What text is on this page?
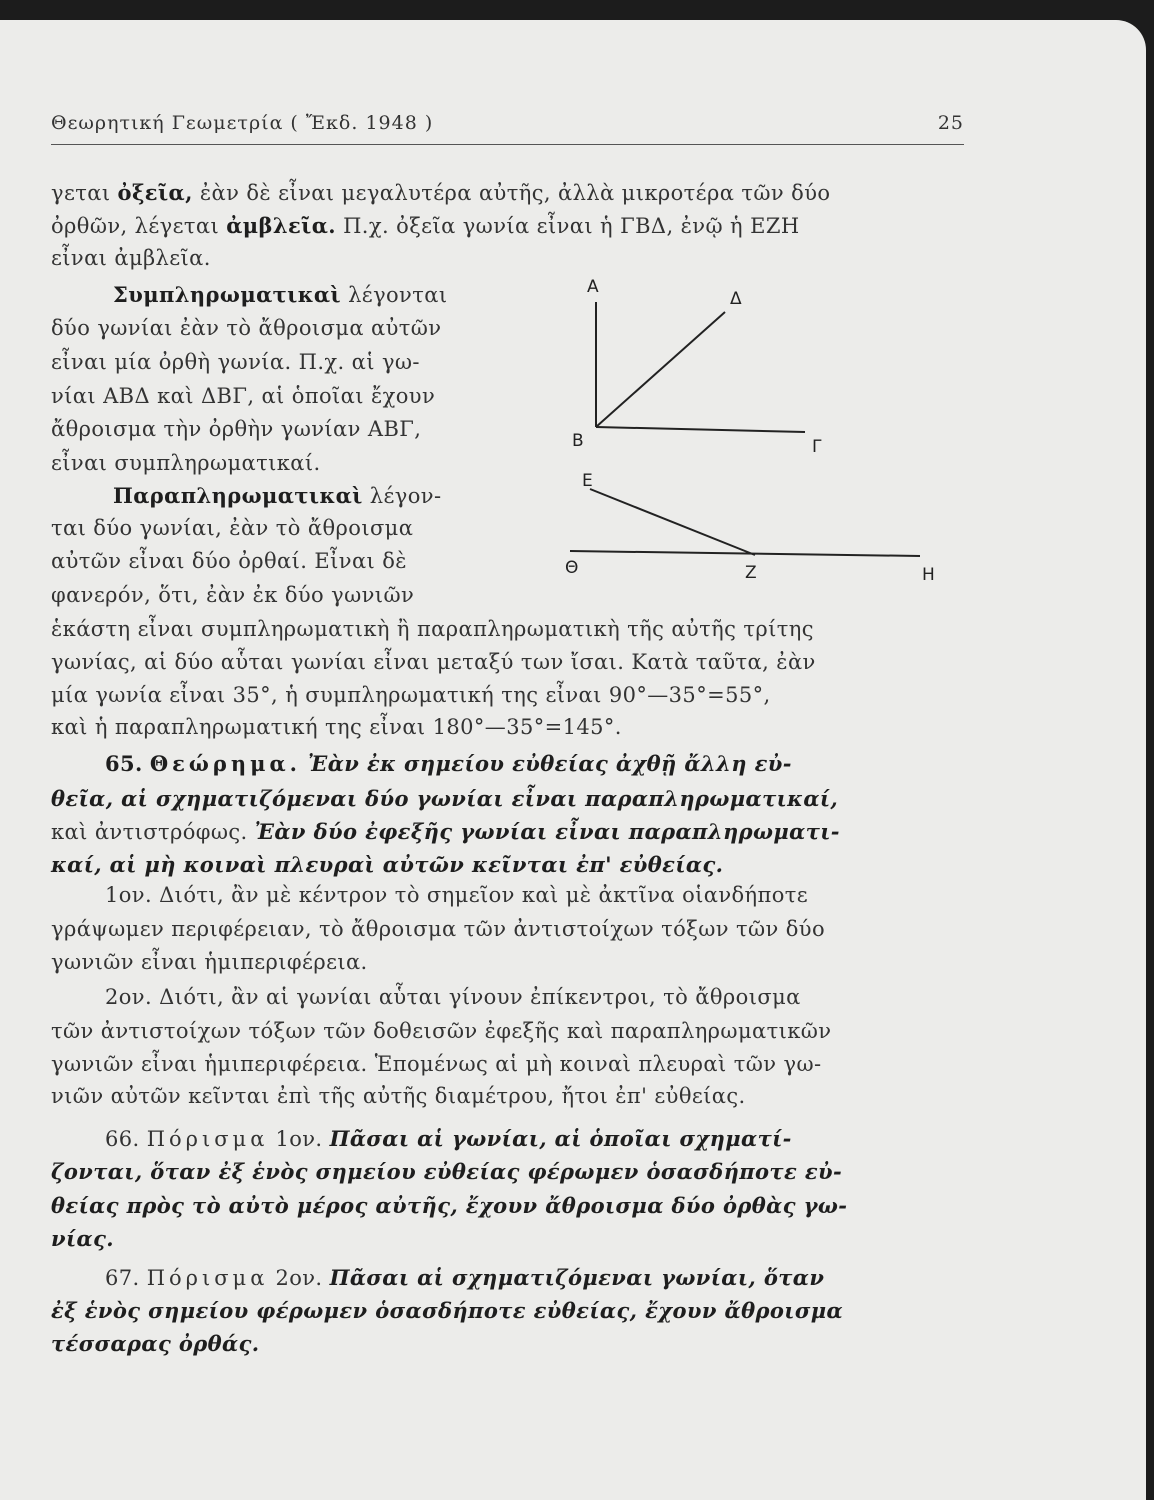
Θεωρητική Γεωμετρία ( Ἔκδ. 1948 )	25
γεται ὀξεῖα, ἐὰν δὲ εἶναι μεγαλυτέρα αὐτῆς, ἀλλὰ μικροτέρα τῶν δύο
ὀρθῶν, λέγεται ἀμβλεῖα. Π.χ. ὀξεῖα γωνία εἶναι ἡ ΓΒΔ, ἐνῷ ἡ ΕΖΗ
εἶναι ἀμβλεῖα.
Συμπληρωματικαὶ λέγονται
δύο γωνίαι ἐὰν τὸ ἄθροισμα αὐτῶν
εἶναι μία ὀρθὴ γωνία. Π.χ. αἱ γω-
νίαι ΑΒΔ καὶ ΔΒΓ, αἱ ὁποῖαι ἔχουν
ἄθροισμα τὴν ὀρθὴν γωνίαν ΑΒΓ,
εἶναι συμπληρωματικαί.
Παραπληρωματικαὶ λέγον-
ται δύο γωνίαι, ἐὰν τὸ ἄθροισμα
αὐτῶν εἶναι δύο ὀρθαί. Εἶναι δὲ
φανερόν, ὅτι, ἐὰν ἐκ δύο γωνιῶν
ἑκάστη εἶναι συμπληρωματικὴ ἢ παραπληρωματικὴ τῆς αὐτῆς τρίτης
γωνίας, αἱ δύο αὗται γωνίαι εἶναι μεταξύ των ἴσαι. Κατὰ ταῦτα, ἐὰν
μία γωνία εἶναι 35°, ἡ συμπληρωματική της εἶναι 90°—35°=55°,
καὶ ἡ παραπληρωματική της εἶναι 180°—35°=145°.
Α
Δ
Β	Γ
Ε
Θ	Ζ	Η
65. Θεώρημα. Ἐὰν ἐκ σημείου εὐθείας ἀχθῇ ἄλλη εὐ-
θεῖα, αἱ σχηματιζόμεναι δύο γωνίαι εἶναι παραπληρωματικαί,
καὶ ἀντιστρόφως. Ἐὰν δύο ἐφεξῆς γωνίαι εἶναι παραπληρωματι-
καί, αἱ μὴ κοιναὶ πλευραὶ αὐτῶν κεῖνται ἐπ' εὐθείας.
1ον. Διότι, ἂν μὲ κέντρον τὸ σημεῖον καὶ μὲ ἀκτῖνα οἱανδήποτε
γράψωμεν περιφέρειαν, τὸ ἄθροισμα τῶν ἀντιστοίχων τόξων τῶν δύο
γωνιῶν εἶναι ἡμιπεριφέρεια.
2ον. Διότι, ἂν αἱ γωνίαι αὗται γίνουν ἐπίκεντροι, τὸ ἄθροισμα
τῶν ἀντιστοίχων τόξων τῶν δοθεισῶν ἐφεξῆς καὶ παραπληρωματικῶν
γωνιῶν εἶναι ἡμιπεριφέρεια. Ἑπομένως αἱ μὴ κοιναὶ πλευραὶ τῶν γω-
νιῶν αὐτῶν κεῖνται ἐπὶ τῆς αὐτῆς διαμέτρου, ἤτοι ἐπ' εὐθείας.
66. Πόρισμα 1ον. Πᾶσαι αἱ γωνίαι, αἱ ὁποῖαι σχηματί-
ζονται, ὅταν ἐξ ἑνὸς σημείου εὐθείας φέρωμεν ὁσασδήποτε εὐ-
θείας πρὸς τὸ αὐτὸ μέρος αὐτῆς, ἔχουν ἄθροισμα δύο ὀρθὰς γω-
νίας.
67. Πόρισμα 2ον. Πᾶσαι αἱ σχηματιζόμεναι γωνίαι, ὅταν
ἐξ ἑνὸς σημείου φέρωμεν ὁσασδήποτε εὐθείας, ἔχουν ἄθροισμα
τέσσαρας ὀρθάς.
